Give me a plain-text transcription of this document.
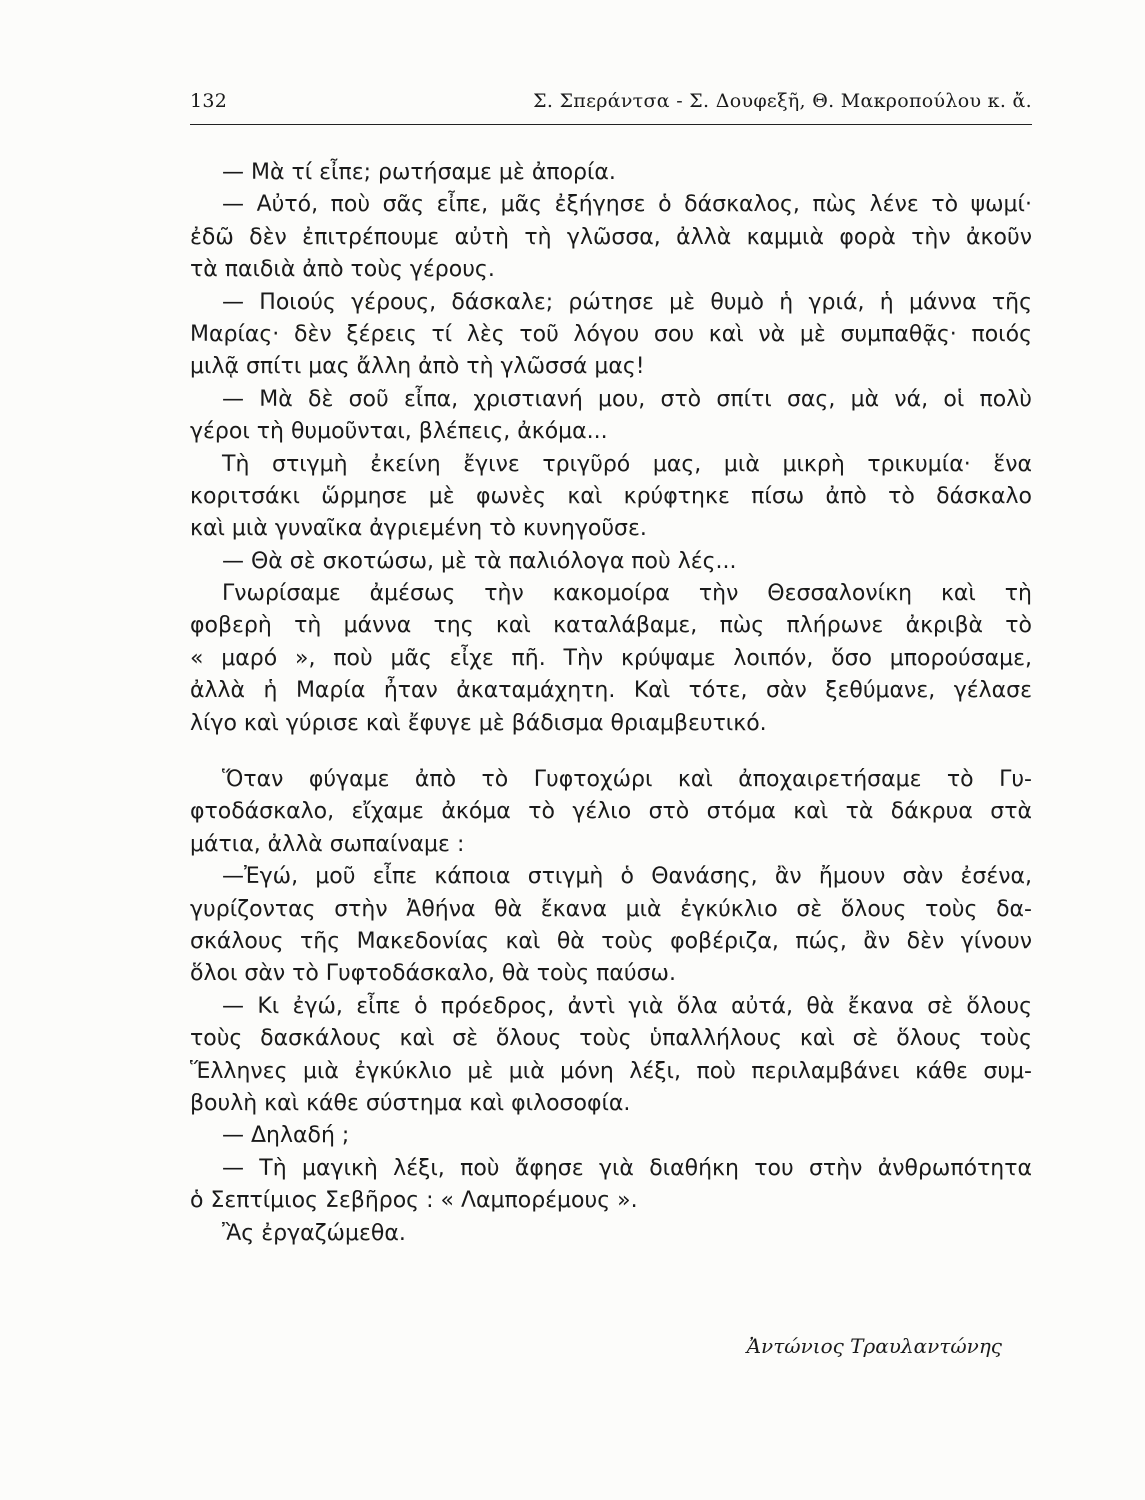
132	Σ. Σπεράντσα - Σ. Δουφεξῆ, Θ. Μακροπούλου κ. ἄ.
— Μὰ τί εἶπε; ρωτήσαμε μὲ ἀπορία.
— Αὐτό, ποὺ σᾶς εἶπε, μᾶς ἐξήγησε ὁ δάσκαλος, πὼς λένε τὸ ψωμί·
ἐδῶ δὲν ἐπιτρέπουμε αὐτὴ τὴ γλῶσσα, ἀλλὰ καμμιὰ φορὰ τὴν ἀκοῦν
τὰ παιδιὰ ἀπὸ τοὺς γέρους.
— Ποιούς γέρους, δάσκαλε; ρώτησε μὲ θυμὸ ἡ γριά, ἡ μάννα τῆς
Μαρίας· δὲν ξέρεις τί λὲς τοῦ λόγου σου καὶ νὰ μὲ συμπαθᾷς· ποιός
μιλᾷ σπίτι μας ἄλλη ἀπὸ τὴ γλῶσσά μας!
— Μὰ δὲ σοῦ εἶπα, χριστιανή μου, στὸ σπίτι σας, μὰ νά, οἱ πολὺ
γέροι τὴ θυμοῦνται, βλέπεις, ἀκόμα...
Τὴ στιγμὴ ἐκείνη ἔγινε τριγῦρό μας, μιὰ μικρὴ τρικυμία· ἕνα
κοριτσάκι ὥρμησε μὲ φωνὲς καὶ κρύφτηκε πίσω ἀπὸ τὸ δάσκαλο
καὶ μιὰ γυναῖκα ἀγριεμένη τὸ κυνηγοῦσε.
— Θὰ σὲ σκοτώσω, μὲ τὰ παλιόλογα ποὺ λές...
Γνωρίσαμε ἀμέσως τὴν κακομοίρα τὴν Θεσσαλονίκη καὶ τὴ
φοβερὴ τὴ μάννα της καὶ καταλάβαμε, πὼς πλήρωνε ἀκριβὰ τὸ
« μαρό », ποὺ μᾶς εἶχε πῆ. Τὴν κρύψαμε λοιπόν, ὅσο μπορούσαμε,
ἀλλὰ ἡ Μαρία ἦταν ἀκαταμάχητη. Καὶ τότε, σὰν ξεθύμανε, γέλασε
λίγο καὶ γύρισε καὶ ἔφυγε μὲ βάδισμα θριαμβευτικό.
Ὅταν φύγαμε ἀπὸ τὸ Γυφτοχώρι καὶ ἀποχαιρετήσαμε τὸ Γυ-
φτοδάσκαλο, εἴχαμε ἀκόμα τὸ γέλιο στὸ στόμα καὶ τὰ δάκρυα στὰ
μάτια, ἀλλὰ σωπαίναμε :
—Ἐγώ, μοῦ εἶπε κάποια στιγμὴ ὁ Θανάσης, ἂν ἤμουν σὰν ἐσένα,
γυρίζοντας στὴν Ἀθήνα θὰ ἔκανα μιὰ ἐγκύκλιο σὲ ὅλους τοὺς δα-
σκάλους τῆς Μακεδονίας καὶ θὰ τοὺς φοβέριζα, πώς, ἂν δὲν γίνουν
ὅλοι σὰν τὸ Γυφτοδάσκαλο, θὰ τοὺς παύσω.
— Κι ἐγώ, εἶπε ὁ πρόεδρος, ἀντὶ γιὰ ὅλα αὐτά, θὰ ἔκανα σὲ ὅλους
τοὺς δασκάλους καὶ σὲ ὅλους τοὺς ὑπαλλήλους καὶ σὲ ὅλους τοὺς
Ἕλληνες μιὰ ἐγκύκλιο μὲ μιὰ μόνη λέξι, ποὺ περιλαμβάνει κάθε συμ-
βουλὴ καὶ κάθε σύστημα καὶ φιλοσοφία.
— Δηλαδή ;
— Τὴ μαγικὴ λέξι, ποὺ ἄφησε γιὰ διαθήκη του στὴν ἀνθρωπότητα
ὁ Σεπτίμιος Σεβῆρος : « Λαμπορέμους ».
Ἂς ἐργαζώμεθα.
Ἀντώνιος Τραυλαντώνης
